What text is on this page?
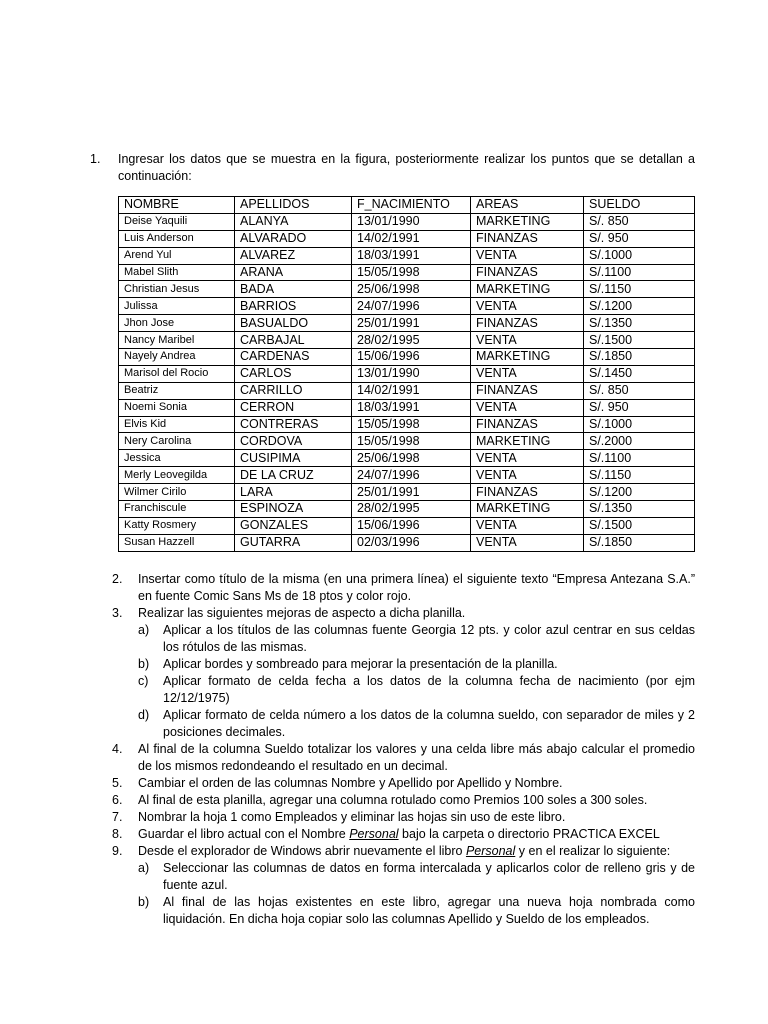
1. Ingresar los datos que se muestra en la figura, posteriormente realizar los puntos que se detallan a continuación:
NOMBRE	APELLIDOS	F_NACIMIENTO	AREAS	SUELDO
Deise Yaquili	ALANYA	13/01/1990	MARKETING	S/. 850
Luis Anderson	ALVARADO	14/02/1991	FINANZAS	S/. 950
Arend Yul	ALVAREZ	18/03/1991	VENTA	S/.1000
Mabel Slith	ARANA	15/05/1998	FINANZAS	S/.1100
Christian Jesus	BADA	25/06/1998	MARKETING	S/.1150
Julissa	BARRIOS	24/07/1996	VENTA	S/.1200
Jhon Jose	BASUALDO	25/01/1991	FINANZAS	S/.1350
Nancy Maribel	CARBAJAL	28/02/1995	VENTA	S/.1500
Nayely Andrea	CARDENAS	15/06/1996	MARKETING	S/.1850
Marisol del Rocio	CARLOS	13/01/1990	VENTA	S/.1450
Beatriz	CARRILLO	14/02/1991	FINANZAS	S/. 850
Noemi Sonia	CERRON	18/03/1991	VENTA	S/. 950
Elvis Kid	CONTRERAS	15/05/1998	FINANZAS	S/.1000
Nery Carolina	CORDOVA	15/05/1998	MARKETING	S/.2000
Jessica	CUSIPIMA	25/06/1998	VENTA	S/.1100
Merly Leovegilda	DE LA CRUZ	24/07/1996	VENTA	S/.1150
Wilmer Cirilo	LARA	25/01/1991	FINANZAS	S/.1200
Franchiscule	ESPINOZA	28/02/1995	MARKETING	S/.1350
Katty Rosmery	GONZALES	15/06/1996	VENTA	S/.1500
Susan Hazzell	GUTARRA	02/03/1996	VENTA	S/.1850
2. Insertar como título de la misma (en una primera línea) el siguiente texto “Empresa Antezana S.A.” en fuente Comic Sans Ms de 18 ptos y color rojo.
3. Realizar las siguientes mejoras de aspecto a dicha planilla.
a) Aplicar a los títulos de las columnas fuente Georgia 12 pts. y color azul centrar en sus celdas los rótulos de las mismas.
b) Aplicar bordes y sombreado para mejorar la presentación de la planilla.
c) Aplicar formato de celda fecha a los datos de la columna fecha de nacimiento (por ejm 12/12/1975)
d) Aplicar formato de celda número a los datos de la columna sueldo, con separador de miles y 2 posiciones decimales.
4. Al final de la columna Sueldo totalizar los valores y una celda libre más abajo calcular el promedio de los mismos redondeando el resultado en un decimal.
5. Cambiar el orden de las columnas Nombre y Apellido por Apellido y Nombre.
6. Al final de esta planilla, agregar una columna rotulado como Premios 100 soles a 300 soles.
7. Nombrar la hoja 1 como Empleados y eliminar las hojas sin uso de este libro.
8. Guardar el libro actual con el Nombre Personal bajo la carpeta o directorio PRACTICA EXCEL
9. Desde el explorador de Windows abrir nuevamente el libro Personal y en el realizar lo siguiente:
a) Seleccionar las columnas de datos en forma intercalada y aplicarlos color de relleno gris y de fuente azul.
b) Al final de las hojas existentes en este libro, agregar una nueva hoja nombrada como liquidación. En dicha hoja copiar solo las columnas Apellido y Sueldo de los empleados.
